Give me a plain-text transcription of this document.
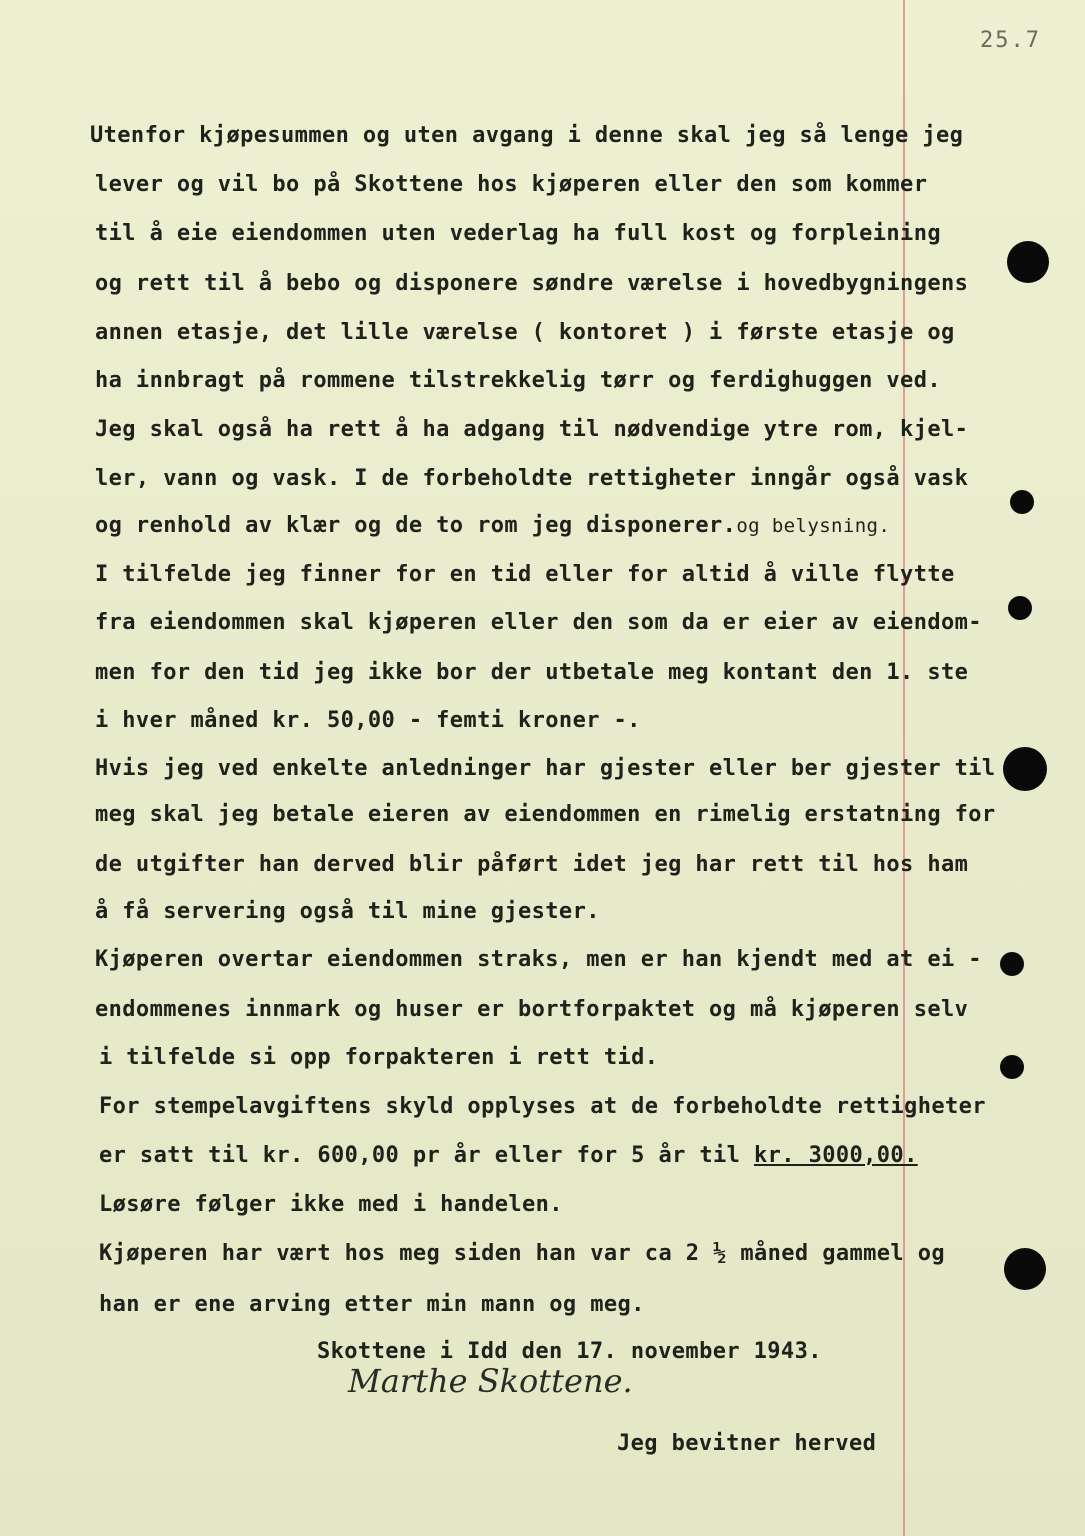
25.7
Utenfor kjøpesummen og uten avgang i denne skal jeg så lenge jeg
lever og vil bo på Skottene hos kjøperen eller den som kommer
til å eie eiendommen uten vederlag ha full kost og forpleining
og rett til å bebo og disponere søndre værelse i hovedbygningens
annen etasje, det lille værelse ( kontoret ) i første etasje og
ha innbragt på rommene tilstrekkelig tørr og ferdighuggen ved.
Jeg skal også ha rett å ha adgang til nødvendige ytre rom, kjel-
ler, vann og vask. I de forbeholdte rettigheter inngår også vask
og renhold av klær og de to rom jeg disponerer.og belysning.
I tilfelde jeg finner for en tid eller for altid å ville flytte
fra eiendommen skal kjøperen eller den som da er eier av eiendom-
men for den tid jeg ikke bor der utbetale meg kontant den 1. ste
i hver måned kr. 50,00 - femti kroner -.
Hvis jeg ved enkelte anledninger har gjester eller ber gjester til
meg skal jeg betale eieren av eiendommen en rimelig erstatning for
de utgifter han derved blir påført idet jeg har rett til hos ham
å få servering også til mine gjester.
Kjøperen overtar eiendommen straks, men er han kjendt med at ei -
endommenes innmark og huser er bortforpaktet og må kjøperen selv
i tilfelde si opp forpakteren i rett tid.
For stempelavgiftens skyld opplyses at de forbeholdte rettigheter
er satt til kr. 600,00 pr år eller for 5 år til kr. 3000,00.
Løsøre følger ikke med i handelen.
Kjøperen har vært hos meg siden han var ca 2 ½ måned gammel og
han er ene arving etter min mann og meg.
Skottene i Idd den 17. november 1943.
Marthe Skottene.
Jeg bevitner herved
